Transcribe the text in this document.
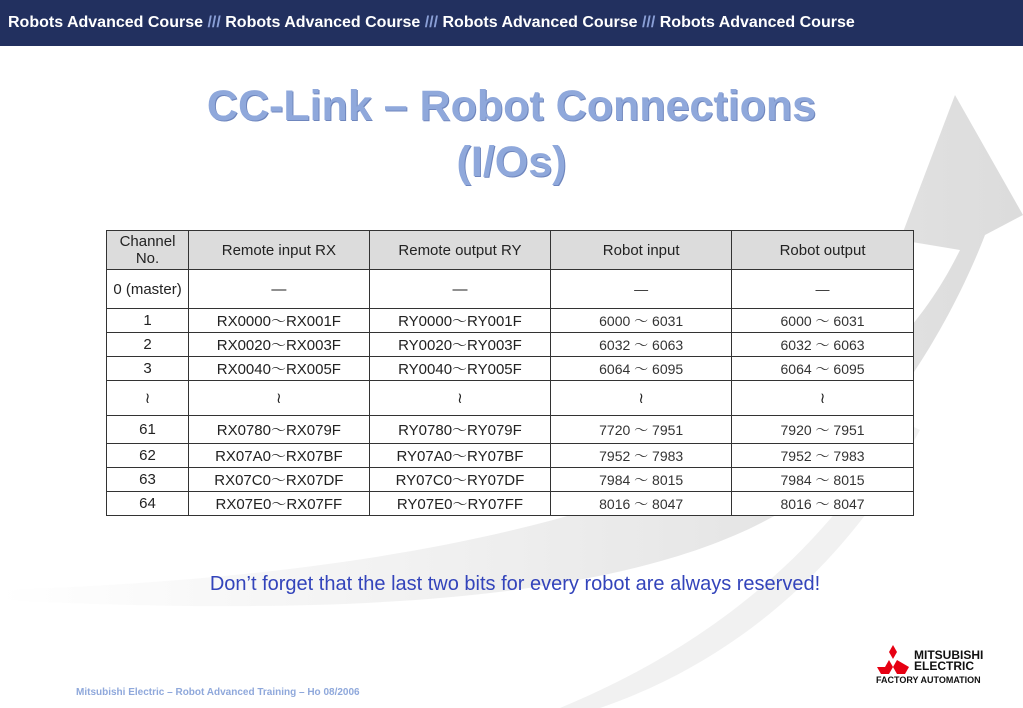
Robots Advanced Course /// Robots Advanced Course /// Robots Advanced Course /// Robots Advanced Course
CC-Link – Robot Connections
(I/Os)
Channel No.	Remote input RX	Remote output RY	Robot input	Robot output
0 (master)	—	—	—	—
1	RX0000～RX001F	RY0000～RY001F	6000 ～ 6031	6000 ～ 6031
2	RX0020～RX003F	RY0020～RY003F	6032 ～ 6063	6032 ～ 6063
3	RX0040～RX005F	RY0040～RY005F	6064 ～ 6095	6064 ～ 6095
≀	≀	≀	≀	≀
61	RX0780～RX079F	RY0780～RY079F	7720 ～ 7951	7920 ～ 7951
62	RX07A0～RX07BF	RY07A0～RY07BF	7952 ～ 7983	7952 ～ 7983
63	RX07C0～RX07DF	RY07C0～RY07DF	7984 ～ 8015	7984 ～ 8015
64	RX07E0～RX07FF	RY07E0～RY07FF	8016 ～ 8047	8016 ～ 8047
Don’t forget that the last two bits for every robot are always reserved!
Mitsubishi Electric – Robot Advanced Training – Ho 08/2006
MITSUBISHI
ELECTRIC
FACTORY AUTOMATION
